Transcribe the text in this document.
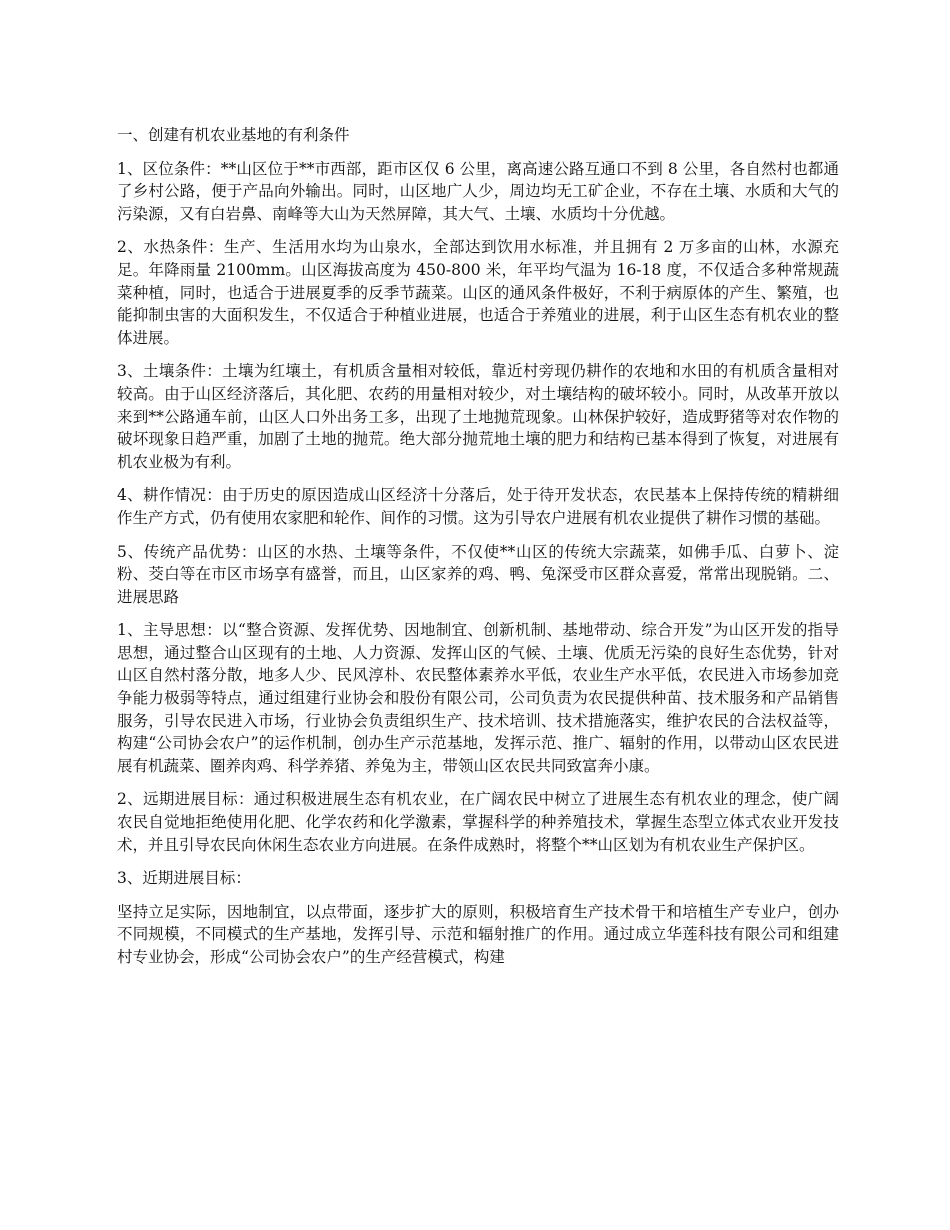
一、创建有机农业基地的有利条件

1、区位条件：**山区位于**市西部，距市区仅 6 公里，离高速公路互通口不到 8 公里，各自然村也都通了乡村公路，便于产品向外输出。同时，山区地广人少，周边均无工矿企业，不存在土壤、水质和大气的污染源，又有白岩鼻、南峰等大山为天然屏障，其大气、土壤、水质均十分优越。

2、水热条件：生产、生活用水均为山泉水，全部达到饮用水标准，并且拥有 2 万多亩的山林，水源充足。年降雨量 2100mm。山区海拔高度为 450-800 米，年平均气温为 16-18 度，不仅适合多种常规蔬菜种植，同时，也适合于进展夏季的反季节蔬菜。山区的通风条件极好，不利于病原体的产生、繁殖，也能抑制虫害的大面积发生，不仅适合于种植业进展，也适合于养殖业的进展，利于山区生态有机农业的整体进展。

3、土壤条件：土壤为红壤土，有机质含量相对较低，靠近村旁现仍耕作的农地和水田的有机质含量相对较高。由于山区经济落后，其化肥、农药的用量相对较少，对土壤结构的破坏较小。同时，从改革开放以来到**公路通车前，山区人口外出务工多，出现了土地抛荒现象。山林保护较好，造成野猪等对农作物的破坏现象日趋严重，加剧了土地的抛荒。绝大部分抛荒地土壤的肥力和结构已基本得到了恢复，对进展有机农业极为有利。

4、耕作情况：由于历史的原因造成山区经济十分落后，处于待开发状态，农民基本上保持传统的精耕细作生产方式，仍有使用农家肥和轮作、间作的习惯。这为引导农户进展有机农业提供了耕作习惯的基础。

5、传统产品优势：山区的水热、土壤等条件，不仅使**山区的传统大宗蔬菜，如佛手瓜、白萝卜、淀粉、茭白等在市区市场享有盛誉，而且，山区家养的鸡、鸭、兔深受市区群众喜爱，常常出现脱销。二、进展思路

1、主导思想：以“整合资源、发挥优势、因地制宜、创新机制、基地带动、综合开发”为山区开发的指导思想，通过整合山区现有的土地、人力资源、发挥山区的气候、土壤、优质无污染的良好生态优势，针对山区自然村落分散，地多人少、民风淳朴、农民整体素养水平低，农业生产水平低，农民进入市场参加竞争能力极弱等特点，通过组建行业协会和股份有限公司，公司负责为农民提供种苗、技术服务和产品销售服务，引导农民进入市场，行业协会负责组织生产、技术培训、技术措施落实，维护农民的合法权益等，构建“公司协会农户”的运作机制，创办生产示范基地，发挥示范、推广、辐射的作用，以带动山区农民进展有机蔬菜、圈养肉鸡、科学养猪、养兔为主，带领山区农民共同致富奔小康。

2、远期进展目标：通过积极进展生态有机农业，在广阔农民中树立了进展生态有机农业的理念，使广阔农民自觉地拒绝使用化肥、化学农药和化学激素，掌握科学的种养殖技术，掌握生态型立体式农业开发技术，并且引导农民向休闲生态农业方向进展。在条件成熟时，将整个**山区划为有机农业生产保护区。

3、近期进展目标：

坚持立足实际，因地制宜，以点带面，逐步扩大的原则，积极培育生产技术骨干和培植生产专业户，创办不同规模，不同模式的生产基地，发挥引导、示范和辐射推广的作用。通过成立华莲科技有限公司和组建村专业协会，形成“公司协会农户”的生产经营模式，构建
